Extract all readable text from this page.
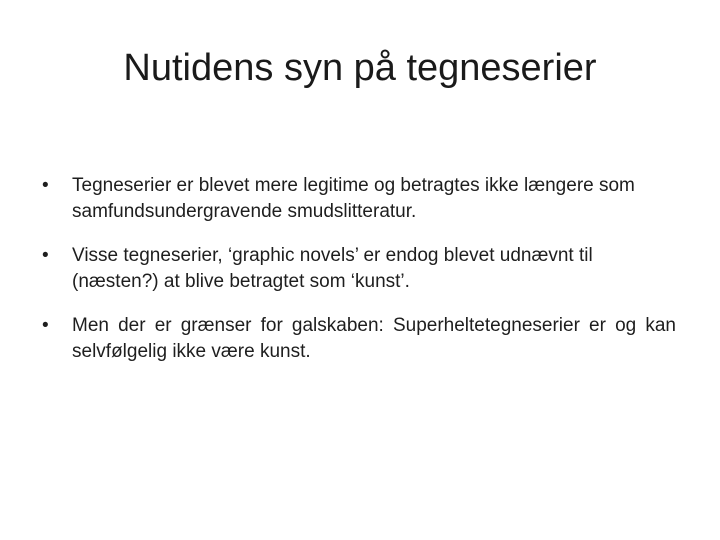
Nutidens syn på tegneserier
• Tegneserier er blevet mere legitime og betragtes ikke længere som samfundsundergravende smudslitteratur.
• Visse tegneserier, ‘graphic novels’ er endog blevet udnævnt til (næsten?) at blive betragtet som ‘kunst’.
• Men der er grænser for galskaben: Superheltetegneserier er og kan selvfølgelig ikke være kunst.
